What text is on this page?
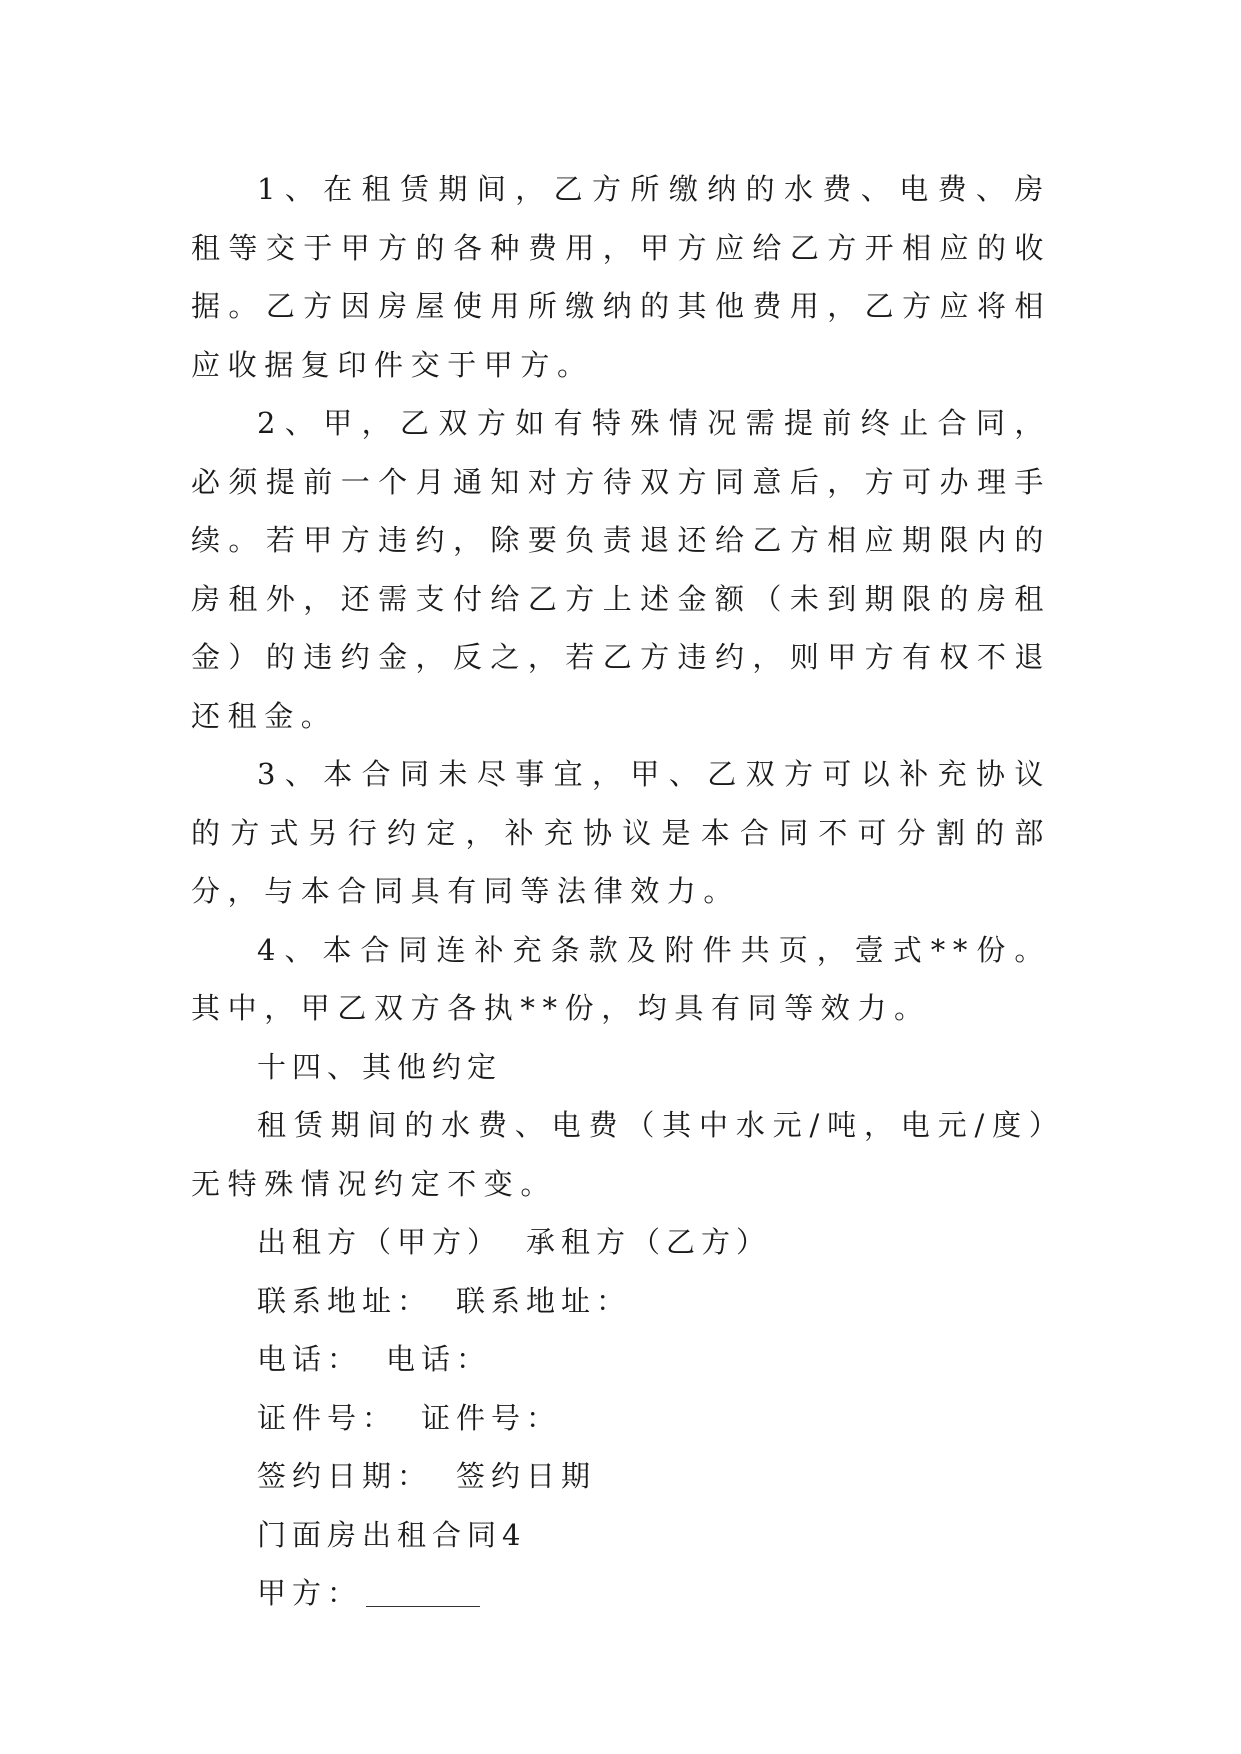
1、在租赁期间，乙方所缴纳的水费、电费、房租等交于甲方的各种费用，甲方应给乙方开相应的收据。乙方因房屋使用所缴纳的其他费用，乙方应将相应收据复印件交于甲方。

2、甲，乙双方如有特殊情况需提前终止合同，必须提前一个月通知对方待双方同意后，方可办理手续。若甲方违约，除要负责退还给乙方相应期限内的房租外，还需支付给乙方上述金额（未到期限的房租金）的违约金，反之，若乙方违约，则甲方有权不退还租金。

3、本合同未尽事宜，甲、乙双方可以补充协议的方式另行约定，补充协议是本合同不可分割的部分，与本合同具有同等法律效力。

4、本合同连补充条款及附件共页，壹式**份。其中，甲乙双方各执**份，均具有同等效力。

十四、其他约定

租赁期间的水费、电费（其中水元/吨，电元/度）无特殊情况约定不变。

出租方（甲方） 承租方（乙方）

联系地址： 联系地址：

电话： 电话：

证件号： 证件号：

签约日期： 签约日期

门面房出租合同4

甲方：
